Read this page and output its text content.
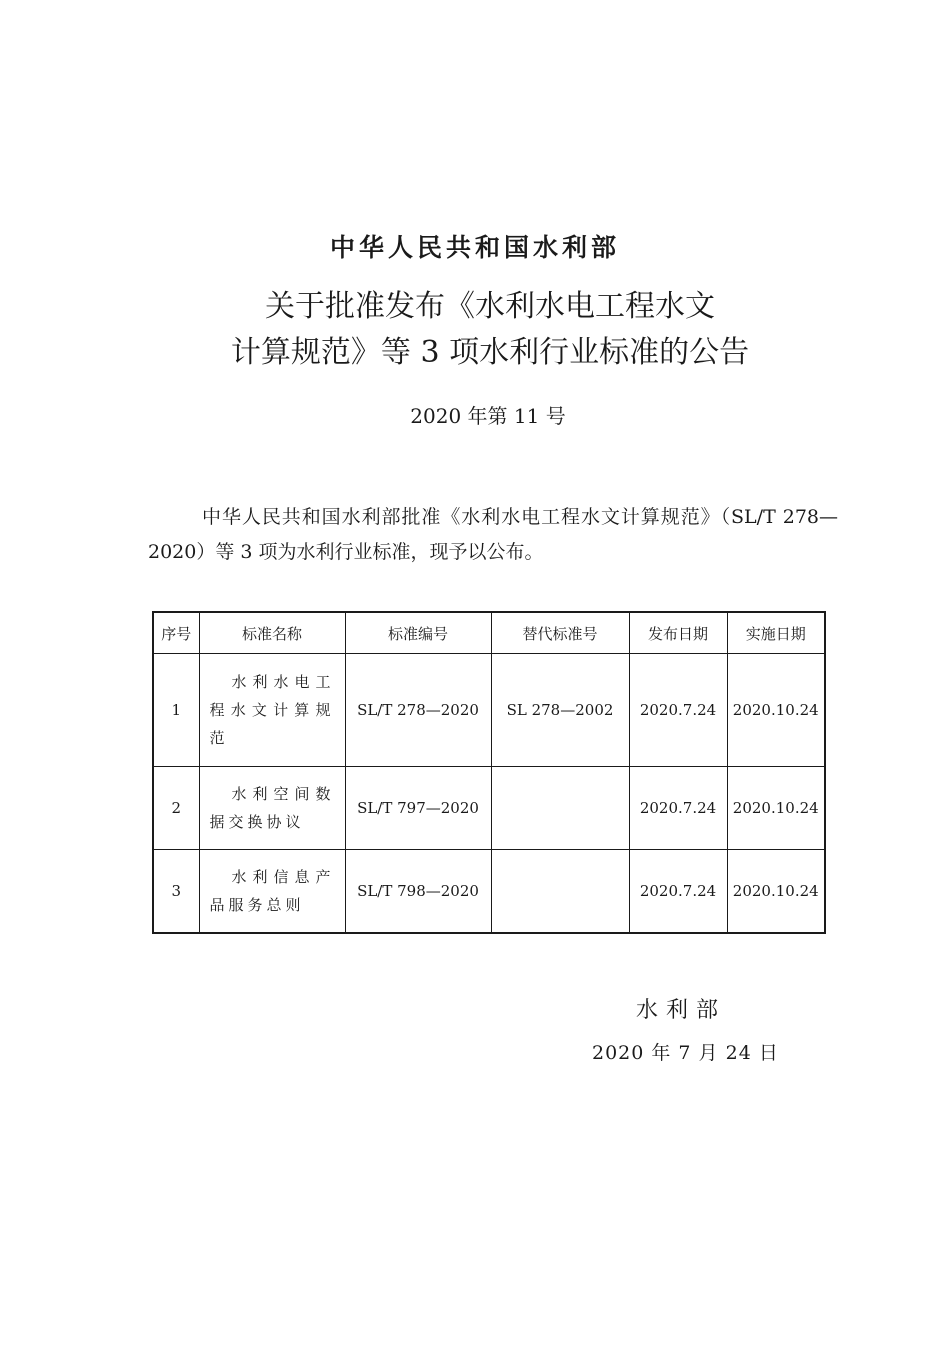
中华人民共和国水利部
关于批准发布《水利水电工程水文
计算规范》等 3 项水利行业标准的公告
2020 年第 11 号
中华人民共和国水利部批准《水利水电工程水文计算规范》（SL/T 278—2020）等 3 项为水利行业标准，现予以公布。
序号	标准名称	标准编号	替代标准号	发布日期	实施日期
1	水利水电工程水文计算规范	SL/T 278—2020	SL 278—2002	2020.7.24	2020.10.24
2	水利空间数据交换协议	SL/T 797—2020		2020.7.24	2020.10.24
3	水利信息产品服务总则	SL/T 798—2020		2020.7.24	2020.10.24
水利部
2020 年 7 月 24 日
